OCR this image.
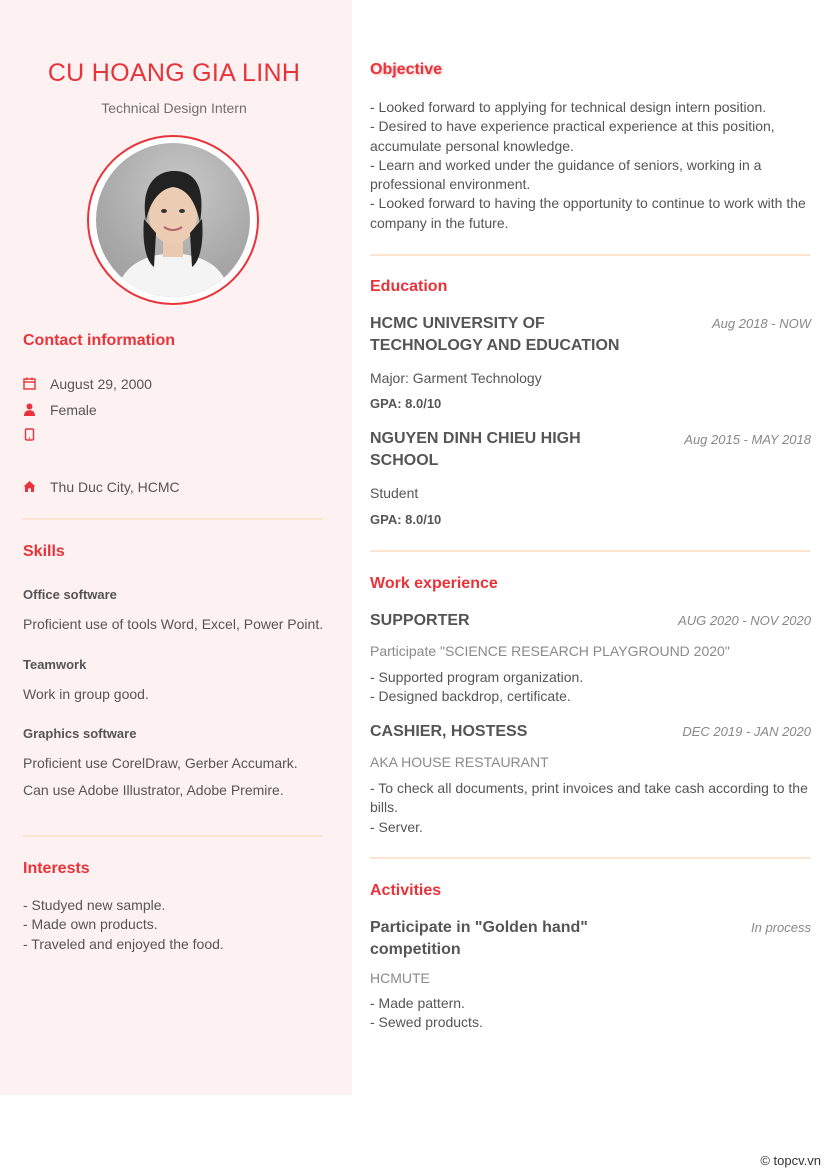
CU HOANG GIA LINH
Technical Design Intern
Contact information
August 29, 2000
Female
Thu Duc City, HCMC
Skills
Office software
Proficient use of tools Word, Excel, Power Point.
Teamwork
Work in group good.
Graphics software
Proficient use CorelDraw, Gerber Accumark.
Can use Adobe Illustrator, Adobe Premire.
Interests
- Studyed new sample.
- Made own products.
- Traveled and enjoyed the food.
Objective
- Looked forward to applying for technical design intern position.
- Desired to have experience practical experience at this position,
accumulate personal knowledge.
- Learn and worked under the guidance of seniors, working in a
professional environment.
- Looked forward to having the opportunity to continue to work with the
company in the future.
Education
HCMC UNIVERSITY OF
TECHNOLOGY AND EDUCATION
Aug 2018 - NOW
Major: Garment Technology
GPA: 8.0/10
NGUYEN DINH CHIEU HIGH
SCHOOL
Aug 2015 - MAY 2018
Student
GPA: 8.0/10
Work experience
SUPPORTER	AUG 2020 - NOV 2020
Participate "SCIENCE RESEARCH PLAYGROUND 2020"
- Supported program organization.
- Designed backdrop, certificate.
CASHIER, HOSTESS	DEC 2019 - JAN 2020
AKA HOUSE RESTAURANT
- To check all documents, print invoices and take cash according to the
bills.
- Server.
Activities
Participate in "Golden hand"
competition
In process
HCMUTE
- Made pattern.
- Sewed products.
© topcv.vn
